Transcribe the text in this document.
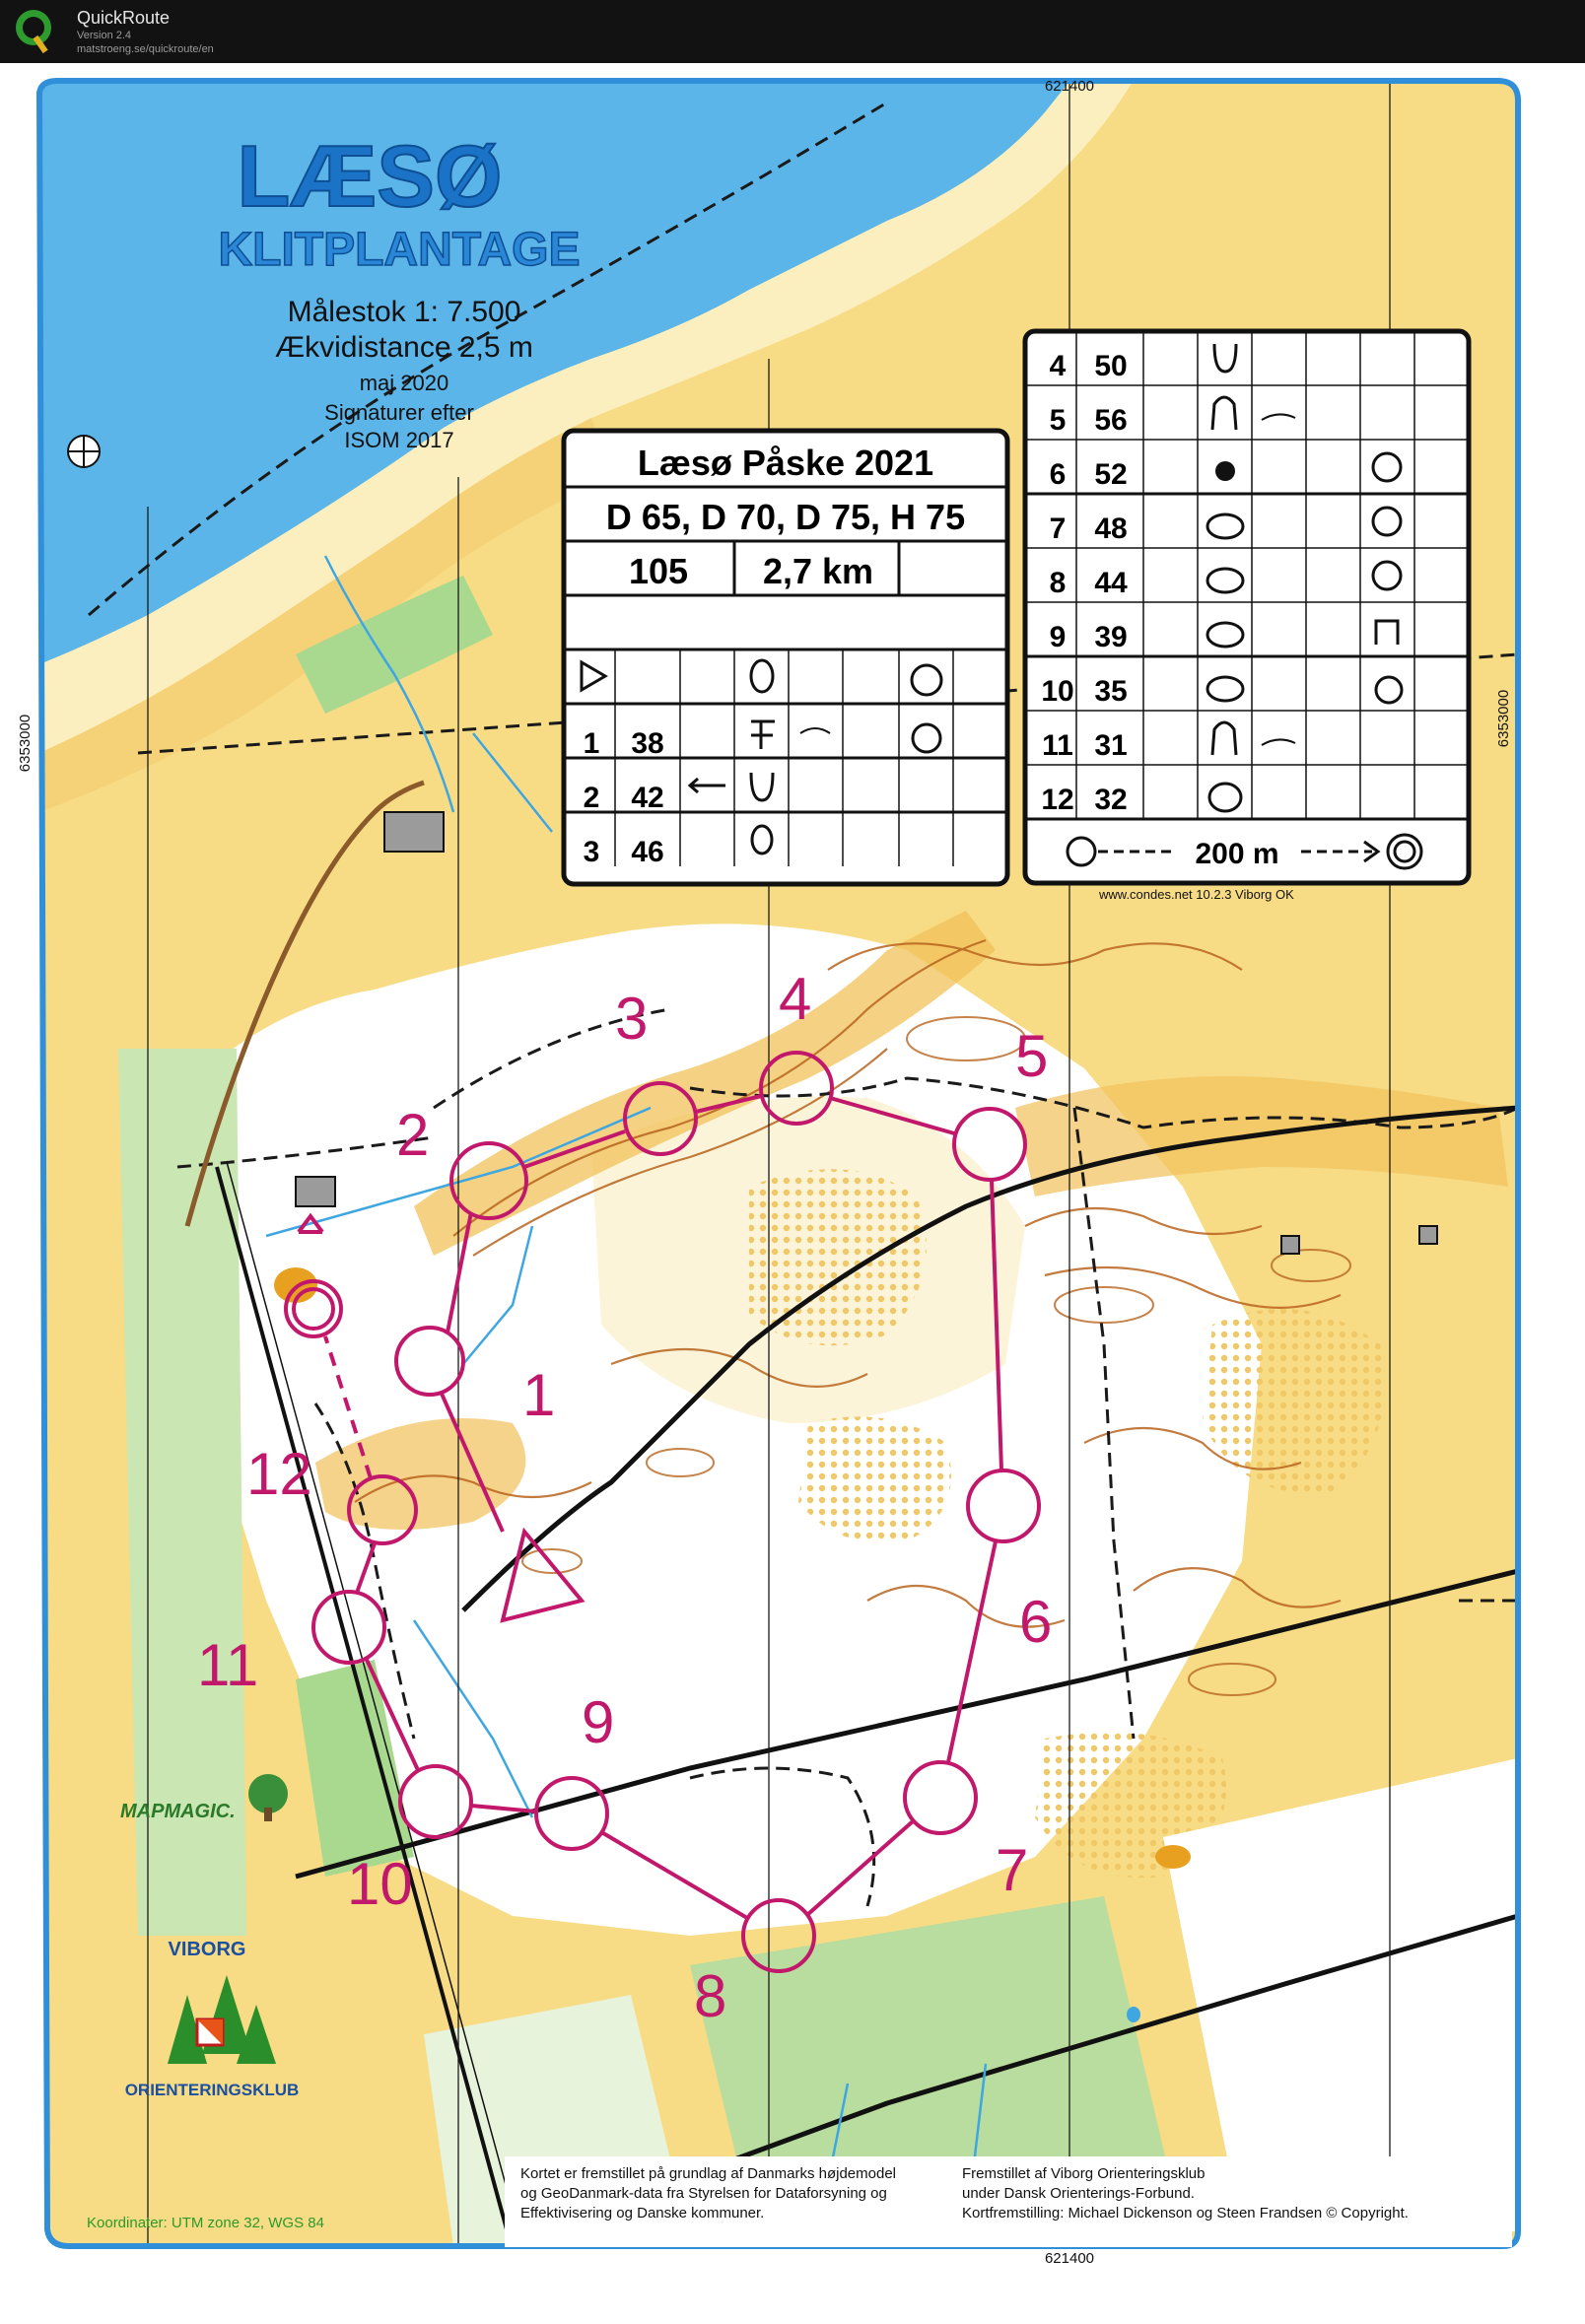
QuickRoute
Version 2.4
matstroeng.se/quickroute/en
621400
621400
6353000	6353000
LÆSØ
KLITPLANTAGE
Målestok 1: 7.500
Ækvidistance 2,5 m
maj 2020
Signaturer efter
ISOM 2017
Læsø Påske 2021
D 65, D 70, D 75, H 75
105 2,7 km
1 38
2 42
3 46
4 50
5 56
6 52
7 48
8 44
9 39
10 35
11 31
12 32
200 m
www.condes.net 10.2.3 Viborg OK
1
2
3 4
5
6
7
8
9
10
11
12
MAPMAGIC.
VIBORG
ORIENTERINGSKLUB
Koordinater: UTM zone 32, WGS 84
Kortet er fremstillet på grundlag af Danmarks højdemodel
og GeoDanmark-data fra Styrelsen for Dataforsyning og
Effektivisering og Danske kommuner.
Fremstillet af Viborg Orienteringsklub
under Dansk Orienterings-Forbund.
Kortfremstilling: Michael Dickenson og Steen Frandsen © Copyright.
